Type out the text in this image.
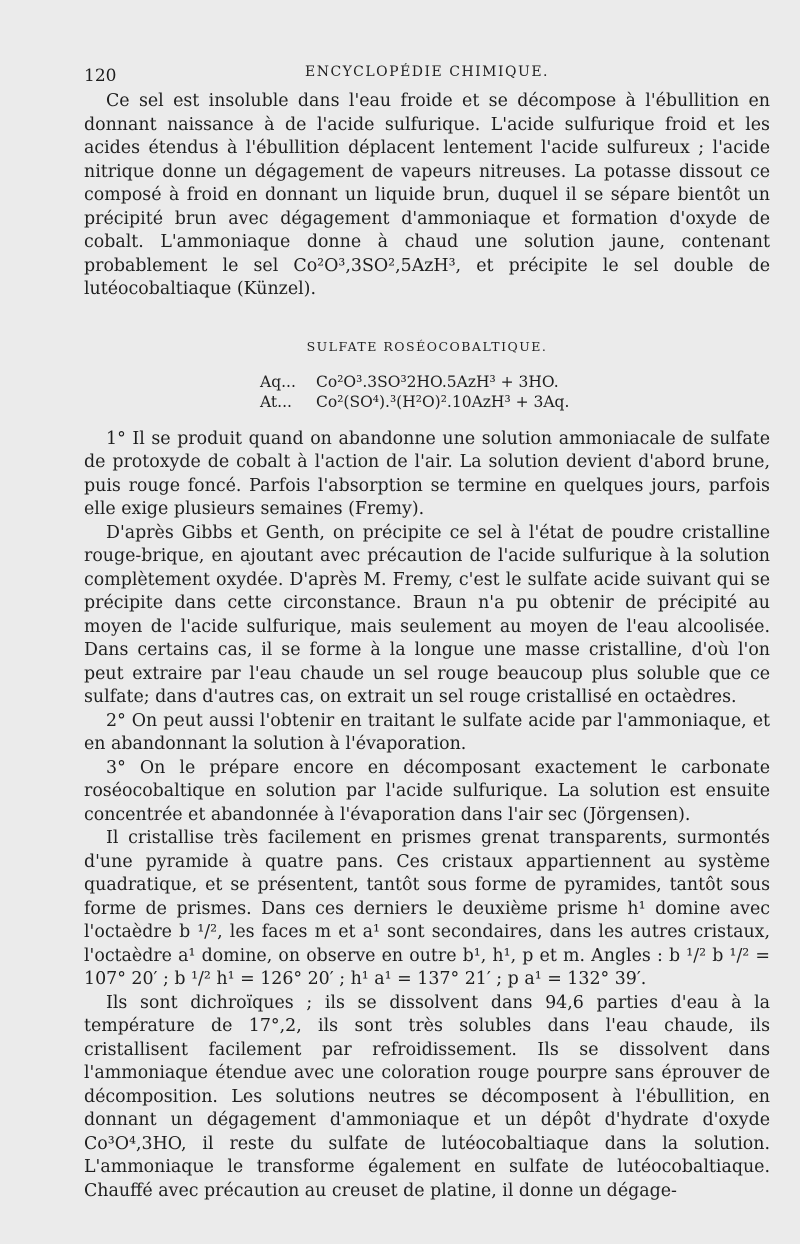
120	ENCYCLOPÉDIE CHIMIQUE.

Ce sel est insoluble dans l'eau froide et se décompose à l'ébullition en donnant naissance à de l'acide sulfurique. L'acide sulfurique froid et les acides étendus à l'ébullition déplacent lentement l'acide sulfureux ; l'acide nitrique donne un dégagement de vapeurs nitreuses. La potasse dissout ce composé à froid en donnant un liquide brun, duquel il se sépare bientôt un précipité brun avec dégagement d'ammoniaque et formation d'oxyde de cobalt. L'ammoniaque donne à chaud une solution jaune, contenant probablement le sel Co²O³,3SO²,5AzH³, et précipite le sel double de lutéocobaltiaque (Künzel).

SULFATE ROSÉOCOBALTIQUE.
Aq...	Co²O³.3SO³2HO.5AzH³ + 3HO.
At...	Co²(SO⁴).³(H²O)².10AzH³ + 3Aq.

1° Il se produit quand on abandonne une solution ammoniacale de sulfate de protoxyde de cobalt à l'action de l'air. La solution devient d'abord brune, puis rouge foncé. Parfois l'absorption se termine en quelques jours, parfois elle exige plusieurs semaines (Fremy).

D'après Gibbs et Genth, on précipite ce sel à l'état de poudre cristalline rouge-brique, en ajoutant avec précaution de l'acide sulfurique à la solution complètement oxydée. D'après M. Fremy, c'est le sulfate acide suivant qui se précipite dans cette circonstance. Braun n'a pu obtenir de précipité au moyen de l'acide sulfurique, mais seulement au moyen de l'eau alcoolisée. Dans certains cas, il se forme à la longue une masse cristalline, d'où l'on peut extraire par l'eau chaude un sel rouge beaucoup plus soluble que ce sulfate; dans d'autres cas, on extrait un sel rouge cristallisé en octaèdres.

2° On peut aussi l'obtenir en traitant le sulfate acide par l'ammoniaque, et en abandonnant la solution à l'évaporation.

3° On le prépare encore en décomposant exactement le carbonate roséocobaltique en solution par l'acide sulfurique. La solution est ensuite concentrée et abandonnée à l'évaporation dans l'air sec (Jörgensen).

Il cristallise très facilement en prismes grenat transparents, surmontés d'une pyramide à quatre pans. Ces cristaux appartiennent au système quadratique, et se présentent, tantôt sous forme de pyramides, tantôt sous forme de prismes. Dans ces derniers le deuxième prisme h¹ domine avec l'octaèdre b ¹/², les faces m et a¹ sont secondaires, dans les autres cristaux, l'octaèdre a¹ domine, on observe en outre b¹, h¹, p et m. Angles : b ¹/² b ¹/² = 107° 20′ ; b ¹/² h¹ = 126° 20′ ; h¹ a¹ = 137° 21′ ; p a¹ = 132° 39′.

Ils sont dichroïques ; ils se dissolvent dans 94,6 parties d'eau à la température de 17°,2, ils sont très solubles dans l'eau chaude, ils cristallisent facilement par refroidissement. Ils se dissolvent dans l'ammoniaque étendue avec une coloration rouge pourpre sans éprouver de décomposition. Les solutions neutres se décomposent à l'ébullition, en donnant un dégagement d'ammoniaque et un dépôt d'hydrate d'oxyde Co³O⁴,3HO, il reste du sulfate de lutéocobaltiaque dans la solution. L'ammoniaque le transforme également en sulfate de lutéocobaltiaque. Chauffé avec précaution au creuset de platine, il donne un dégage-
